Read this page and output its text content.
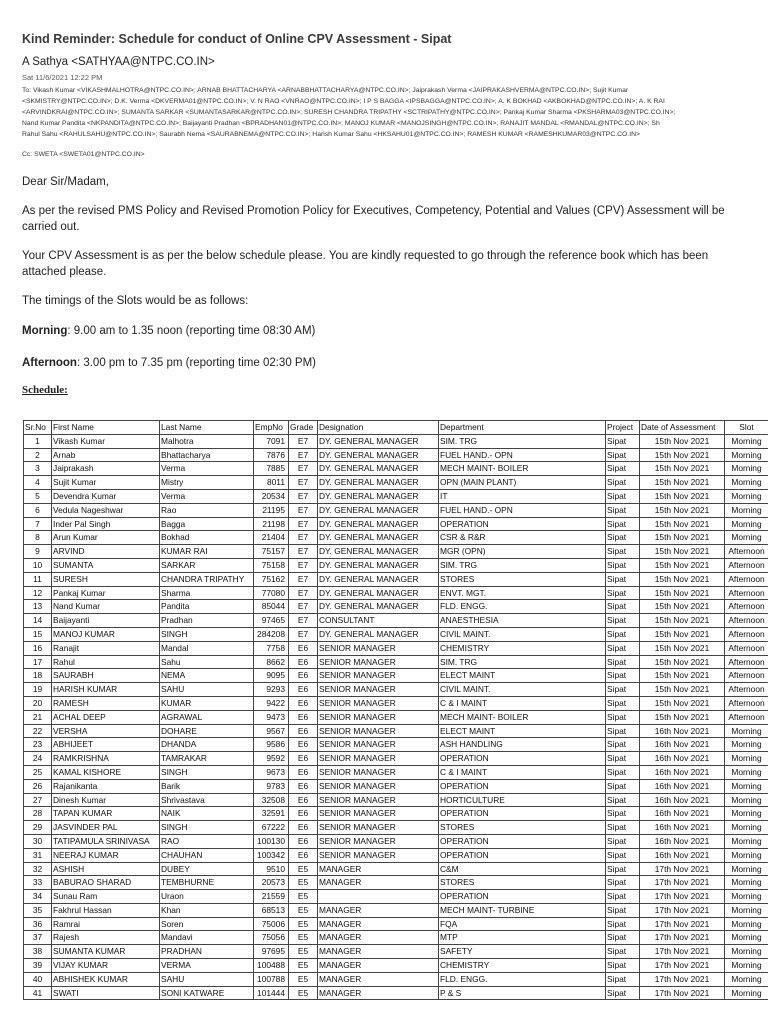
Kind Reminder: Schedule for conduct of Online CPV Assessment - Sipat
A Sathya <SATHYAA@NTPC.CO.IN>
Sat 11/6/2021 12:22 PM
To: Vikash Kumar <VIKASHMALHOTRA@NTPC.CO.IN>; ARNAB BHATTACHARYA <ARNABBHATTACHARYA@NTPC.CO.IN>; Jaiprakash Verma <JAIPRAKASHVERMA@NTPC.CO.IN>; Sujit Kumar
<SKMISTRY@NTPC.CO.IN>; D.K. Verma <DKVERMA01@NTPC.CO.IN>; V. N RAO <VNRAO@NTPC.CO.IN>; I P S BAGGA <IPSBAGGA@NTPC.CO.IN>; A. K BOKHAD <AKBOKHAD@NTPC.CO.IN>; A. K RAI
<ARVINDKRAI@NTPC.CO.IN>; SUMANTA SARKAR <SUMANTASARKAR@NTPC.CO.IN>; SURESH CHANDRA TRIPATHY <SCTRIPATHY@NTPC.CO.IN>; Pankaj Kumar Sharma <PKSHARMA03@NTPC.CO.IN>;
Nand Kumar Pandita <NKPANDITA@NTPC.CO.IN>; Baijayanti Pradhan <BPRADHAN01@NTPC.CO.IN>; MANOJ KUMAR <MANOJSINGH@NTPC.CO.IN>; RANAJIT MANDAL <RMANDAL@NTPC.CO.IN>; Sh
Rahul Sahu <RAHULSAHU@NTPC.CO.IN>; Saurabh Nema <SAURABNEMA@NTPC.CO.IN>; Harish Kumar Sahu <HKSAHU01@NTPC.CO.IN>; RAMESH KUMAR <RAMESHKUMAR03@NTPC.CO.IN>
Cc: SWETA <SWETA01@NTPC.CO.IN>
Dear Sir/Madam,
As per the revised PMS Policy and Revised Promotion Policy for Executives, Competency, Potential and Values (CPV) Assessment will be carried out.
Your CPV Assessment is as per the below schedule please. You are kindly requested to go through the reference book which has been attached please.
The timings of the Slots would be as follows:
Morning: 9.00 am to 1.35 noon (reporting time 08:30 AM)
Afternoon: 3.00 pm to 7.35 pm (reporting time 02:30 PM)
Schedule:
Sr.No	First Name	Last Name	EmpNo	Grade	Designation	Department	Project	Date of Assessment	Slot
1	Vikash Kumar	Malhotra	7091	E7	DY. GENERAL MANAGER	SIM. TRG	Sipat	15th Nov 2021	Morning
2	Arnab	Bhattacharya	7876	E7	DY. GENERAL MANAGER	FUEL HAND.- OPN	Sipat	15th Nov 2021	Morning
3	Jaiprakash	Verma	7885	E7	DY. GENERAL MANAGER	MECH MAINT- BOILER	Sipat	15th Nov 2021	Morning
4	Sujit Kumar	Mistry	8011	E7	DY. GENERAL MANAGER	OPN (MAIN PLANT)	Sipat	15th Nov 2021	Morning
5	Devendra Kumar	Verma	20534	E7	DY. GENERAL MANAGER	IT	Sipat	15th Nov 2021	Morning
6	Vedula Nageshwar	Rao	21195	E7	DY. GENERAL MANAGER	FUEL HAND.- OPN	Sipat	15th Nov 2021	Morning
7	Inder Pal Singh	Bagga	21198	E7	DY. GENERAL MANAGER	OPERATION	Sipat	15th Nov 2021	Morning
8	Arun Kumar	Bokhad	21404	E7	DY. GENERAL MANAGER	CSR & R&R	Sipat	15th Nov 2021	Morning
9	ARVIND	KUMAR RAI	75157	E7	DY. GENERAL MANAGER	MGR (OPN)	Sipat	15th Nov 2021	Afternoon
10	SUMANTA	SARKAR	75158	E7	DY. GENERAL MANAGER	SIM. TRG	Sipat	15th Nov 2021	Afternoon
11	SURESH	CHANDRA TRIPATHY	75162	E7	DY. GENERAL MANAGER	STORES	Sipat	15th Nov 2021	Afternoon
12	Pankaj Kumar	Sharma	77080	E7	DY. GENERAL MANAGER	ENVT. MGT.	Sipat	15th Nov 2021	Afternoon
13	Nand Kumar	Pandita	85044	E7	DY. GENERAL MANAGER	FLD. ENGG.	Sipat	15th Nov 2021	Afternoon
14	Baijayanti	Pradhan	97465	E7	CONSULTANT	ANAESTHESIA	Sipat	15th Nov 2021	Afternoon
15	MANOJ KUMAR	SINGH	284208	E7	DY. GENERAL MANAGER	CIVIL MAINT.	Sipat	15th Nov 2021	Afternoon
16	Ranajit	Mandal	7758	E6	SENIOR MANAGER	CHEMISTRY	Sipat	15th Nov 2021	Afternoon
17	Rahul	Sahu	8662	E6	SENIOR MANAGER	SIM. TRG	Sipat	15th Nov 2021	Afternoon
18	SAURABH	NEMA	9095	E6	SENIOR MANAGER	ELECT MAINT	Sipat	15th Nov 2021	Afternoon
19	HARISH KUMAR	SAHU	9293	E6	SENIOR MANAGER	CIVIL MAINT.	Sipat	15th Nov 2021	Afternoon
20	RAMESH	KUMAR	9422	E6	SENIOR MANAGER	C & I MAINT	Sipat	15th Nov 2021	Afternoon
21	ACHAL DEEP	AGRAWAL	9473	E6	SENIOR MANAGER	MECH MAINT- BOILER	Sipat	15th Nov 2021	Afternoon
22	VERSHA	DOHARE	9567	E6	SENIOR MANAGER	ELECT MAINT	Sipat	16th Nov 2021	Morning
23	ABHIJEET	DHANDA	9586	E6	SENIOR MANAGER	ASH HANDLING	Sipat	16th Nov 2021	Morning
24	RAMKRISHNA	TAMRAKAR	9592	E6	SENIOR MANAGER	OPERATION	Sipat	16th Nov 2021	Morning
25	KAMAL KISHORE	SINGH	9673	E6	SENIOR MANAGER	C & I MAINT	Sipat	16th Nov 2021	Morning
26	Rajanikanta	Barik	9783	E6	SENIOR MANAGER	OPERATION	Sipat	16th Nov 2021	Morning
27	Dinesh Kumar	Shrivastava	32508	E6	SENIOR MANAGER	HORTICULTURE	Sipat	16th Nov 2021	Morning
28	TAPAN KUMAR	NAIK	32591	E6	SENIOR MANAGER	OPERATION	Sipat	16th Nov 2021	Morning
29	JASVINDER PAL	SINGH	67222	E6	SENIOR MANAGER	STORES	Sipat	16th Nov 2021	Morning
30	TATIPAMULA SRINIVASA	RAO	100130	E6	SENIOR MANAGER	OPERATION	Sipat	16th Nov 2021	Morning
31	NEERAJ KUMAR	CHAUHAN	100342	E6	SENIOR MANAGER	OPERATION	Sipat	16th Nov 2021	Morning
32	ASHISH	DUBEY	9510	E5	MANAGER	C&M	Sipat	17th Nov 2021	Morning
33	BABURAO SHARAD	TEMBHURNE	20573	E5	MANAGER	STORES	Sipat	17th Nov 2021	Morning
34	Sunau Ram	Uraon	21559	E5		OPERATION	Sipat	17th Nov 2021	Morning
35	Fakhrul Hassan	Khan	68513	E5	MANAGER	MECH MAINT- TURBINE	Sipat	17th Nov 2021	Morning
36	Ramrai	Soren	75006	E5	MANAGER	FQA	Sipat	17th Nov 2021	Morning
37	Rajesh	Mandavi	75056	E5	MANAGER	MTP	Sipat	17th Nov 2021	Morning
38	SUMANTA KUMAR	PRADHAN	97695	E5	MANAGER	SAFETY	Sipat	17th Nov 2021	Morning
39	VIJAY KUMAR	VERMA	100488	E5	MANAGER	CHEMISTRY	Sipat	17th Nov 2021	Morning
40	ABHISHEK KUMAR	SAHU	100788	E5	MANAGER	FLD. ENGG.	Sipat	17th Nov 2021	Morning
41	SWATI	SONI KATWARE	101444	E5	MANAGER	P & S	Sipat	17th Nov 2021	Morning
